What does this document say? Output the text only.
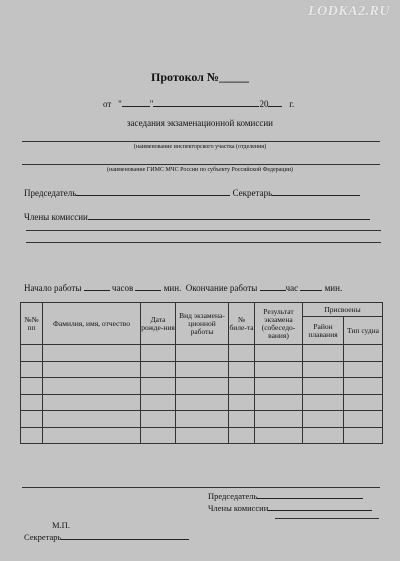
LODKA2.RU
Протокол №_____
от "	"	20 г.
заседания экзаменационной комиссии
(наименование инспекторского участка (отделения)
(наименование ГИМС МЧС России по субъекту Российской Федерации)
Председатель	Секретарь
Члены комиссии
Начало работы	часов	мин. Окончание работы	час	мин.
№№ пп	Фамилия, имя, отчество	Дата рожде-ния	Вид экзамена-ционной работы	№ биле-та	Результат экзамена (собеседо-вания)	Присвоены	
						Район плавания	Тип судна

Председатель
Члены комиссии
М.П.
Секретарь
